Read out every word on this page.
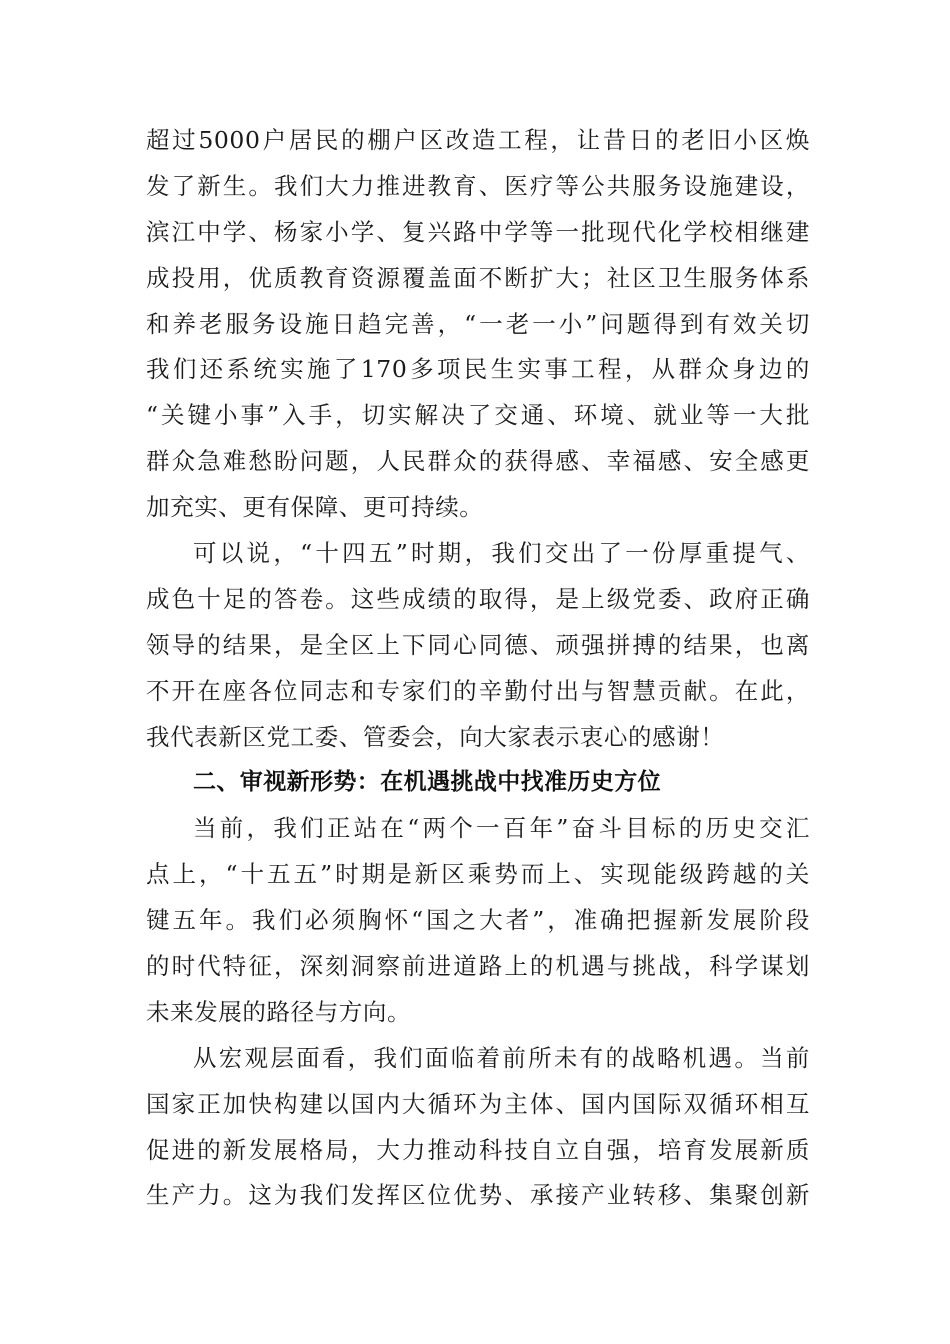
超过5000户居民的棚户区改造工程，让昔日的老旧小区焕
发了新生。我们大力推进教育、医疗等公共服务设施建设，
滨江中学、杨家小学、复兴路中学等一批现代化学校相继建
成投用，优质教育资源覆盖面不断扩大；社区卫生服务体系
和养老服务设施日趋完善，“一老一小”问题得到有效关切
我们还系统实施了170多项民生实事工程，从群众身边的
“关键小事”入手，切实解决了交通、环境、就业等一大批
群众急难愁盼问题，人民群众的获得感、幸福感、安全感更
加充实、更有保障、更可持续。
可以说，“十四五”时期，我们交出了一份厚重提气、
成色十足的答卷。这些成绩的取得，是上级党委、政府正确
领导的结果，是全区上下同心同德、顽强拼搏的结果，也离
不开在座各位同志和专家们的辛勤付出与智慧贡献。在此，
我代表新区党工委、管委会，向大家表示衷心的感谢！
二、审视新形势：在机遇挑战中找准历史方位
当前，我们正站在“两个一百年”奋斗目标的历史交汇
点上，“十五五”时期是新区乘势而上、实现能级跨越的关
键五年。我们必须胸怀“国之大者”，准确把握新发展阶段
的时代特征，深刻洞察前进道路上的机遇与挑战，科学谋划
未来发展的路径与方向。
从宏观层面看，我们面临着前所未有的战略机遇。当前
国家正加快构建以国内大循环为主体、国内国际双循环相互
促进的新发展格局，大力推动科技自立自强，培育发展新质
生产力。这为我们发挥区位优势、承接产业转移、集聚创新
